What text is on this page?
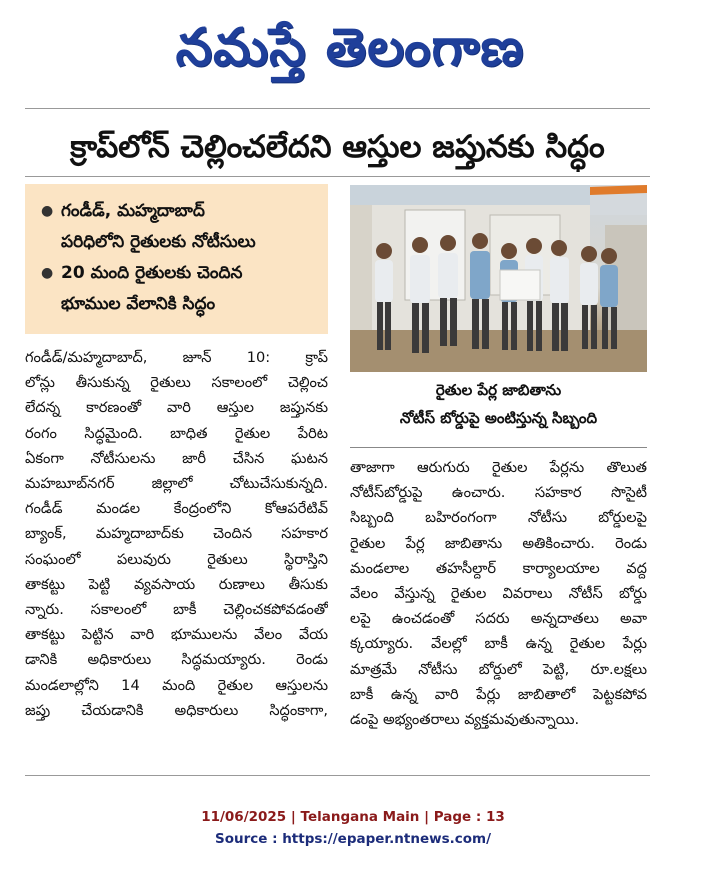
నమస్తే తెలంగాణ
క్రాప్‌లోన్ చెల్లించలేదని ఆస్తుల జప్తునకు సిద్ధం
● గండీడ్, మహ్మదాబాద్
పరిధిలోని రైతులకు నోటీసులు
● 20 మంది రైతులకు చెందిన
భూముల వేలానికి సిద్ధం
రైతుల పేర్ల జాబితాను
నోటీస్ బోర్డుపై అంటిస్తున్న సిబ్బంది
గండీడ్/మహ్మదాబాద్, జూన్ 10: క్రాప్
లోన్లు తీసుకున్న రైతులు సకాలంలో చెల్లించ
లేదన్న కారణంతో వారి ఆస్తుల జప్తునకు
రంగం సిద్ధమైంది. బాధిత రైతుల పేరిట
ఏకంగా నోటీసులను జారీ చేసిన ఘటన
మహబూబ్‌నగర్ జిల్లాలో చోటుచేసుకున్నది.
గండీడ్ మండల కేంద్రంలోని కోఆపరేటివ్
బ్యాంక్, మహ్మదాబాద్‌కు చెందిన సహకార
సంఘంలో పలువురు రైతులు స్థిరాస్తిని
తాకట్టు పెట్టి వ్యవసాయ రుణాలు తీసుకు
న్నారు. సకాలంలో బాకీ చెల్లించకపోవడంతో
తాకట్టు పెట్టిన వారి భూములను వేలం వేయ
డానికి అధికారులు సిద్ధమయ్యారు. రెండు
మండలాల్లోని 14 మంది రైతుల ఆస్తులను
జప్తు చేయడానికి అధికారులు సిద్ధంకాగా,
తాజాగా ఆరుగురు రైతుల పేర్లను తొలుత
నోటీస్‌బోర్డుపై ఉంచారు. సహకార సొసైటీ
సిబ్బంది బహిరంగంగా నోటీసు బోర్డులపై
రైతుల పేర్ల జాబితాను అతికించారు. రెండు
మండలాల తహసీల్దార్ కార్యాలయాల వద్ద
వేలం వేస్తున్న రైతుల వివరాలు నోటీస్ బోర్డు
లపై ఉంచడంతో సదరు అన్నదాతలు అవా
క్కయ్యారు. వేలల్లో బాకీ ఉన్న రైతుల పేర్లు
మాత్రమే నోటీసు బోర్డులో పెట్టి, రూ.లక్షలు
బాకీ ఉన్న వారి పేర్లు జాబితాలో పెట్టకపోవ
డంపై అభ్యంతరాలు వ్యక్తమవుతున్నాయి.
11/06/2025 | Telangana Main | Page : 13
Source : https://epaper.ntnews.com/
